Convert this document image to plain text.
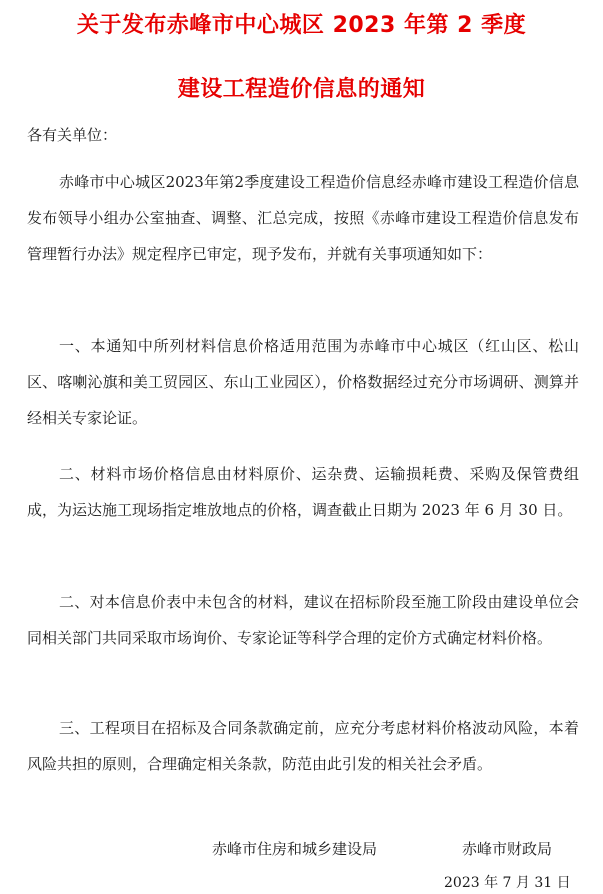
关于发布赤峰市中心城区 2023 年第 2 季度
建设工程造价信息的通知
各有关单位：
赤峰市中心城区2023年第2季度建设工程造价信息经赤峰市建设工程造价信息发布领导小组办公室抽查、调整、汇总完成，按照《赤峰市建设工程造价信息发布管理暂行办法》规定程序已审定，现予发布，并就有关事项通知如下：
一、本通知中所列材料信息价格适用范围为赤峰市中心城区（红山区、松山区、喀喇沁旗和美工贸园区、东山工业园区），价格数据经过充分市场调研、测算并经相关专家论证。
二、材料市场价格信息由材料原价、运杂费、运输损耗费、采购及保管费组成，为运达施工现场指定堆放地点的价格，调查截止日期为 2023 年 6 月 30 日。
二、对本信息价表中未包含的材料，建议在招标阶段至施工阶段由建设单位会同相关部门共同采取市场询价、专家论证等科学合理的定价方式确定材料价格。
三、工程项目在招标及合同条款确定前，应充分考虑材料价格波动风险，本着风险共担的原则，合理确定相关条款，防范由此引发的相关社会矛盾。
赤峰市住房和城乡建设局	赤峰市财政局
2023 年 7 月 31 日
